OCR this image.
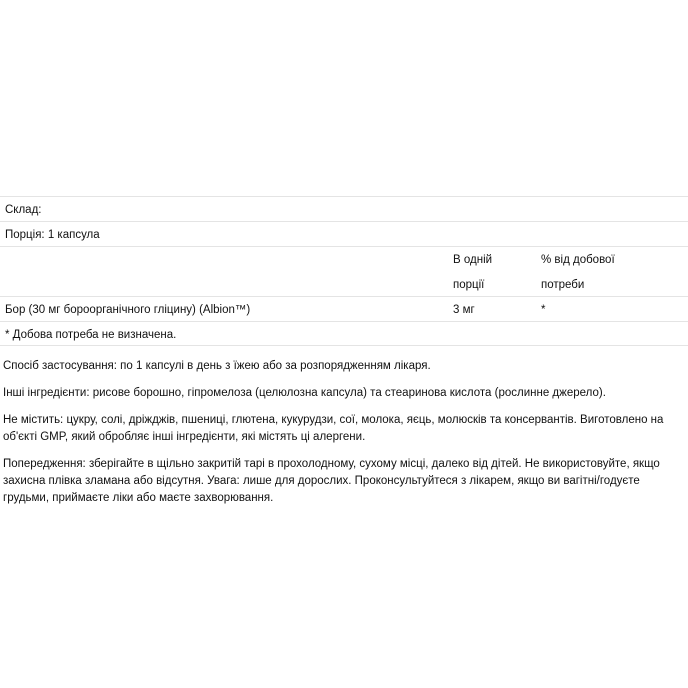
Склад:
Порція: 1 капсула
В одній
порції
% від добової
потреби
Бор (30 мг бороорганічного гліцину) (Albion™)	3 мг	*
* Добова потреба не визначена.

Спосіб застосування: по 1 капсулі в день з їжею або за розпорядженням лікаря.

Інші інгредієнти: рисове борошно, гіпромелоза (целюлозна капсула) та стеаринова кислота (рослинне джерело).

Не містить: цукру, солі, дріжджів, пшениці, глютена, кукурудзи, сої, молока, яєць, молюсків та консервантів. Виготовлено на
об'єкті GMP, який обробляє інші інгредієнти, які містять ці алергени.

Попередження: зберігайте в щільно закритій тарі в прохолодному, сухому місці, далеко від дітей. Не використовуйте, якщо
захисна плівка зламана або відсутня. Увага: лише для дорослих. Проконсультуйтеся з лікарем, якщо ви вагітні/годуєте
грудьми, приймаєте ліки або маєте захворювання.
